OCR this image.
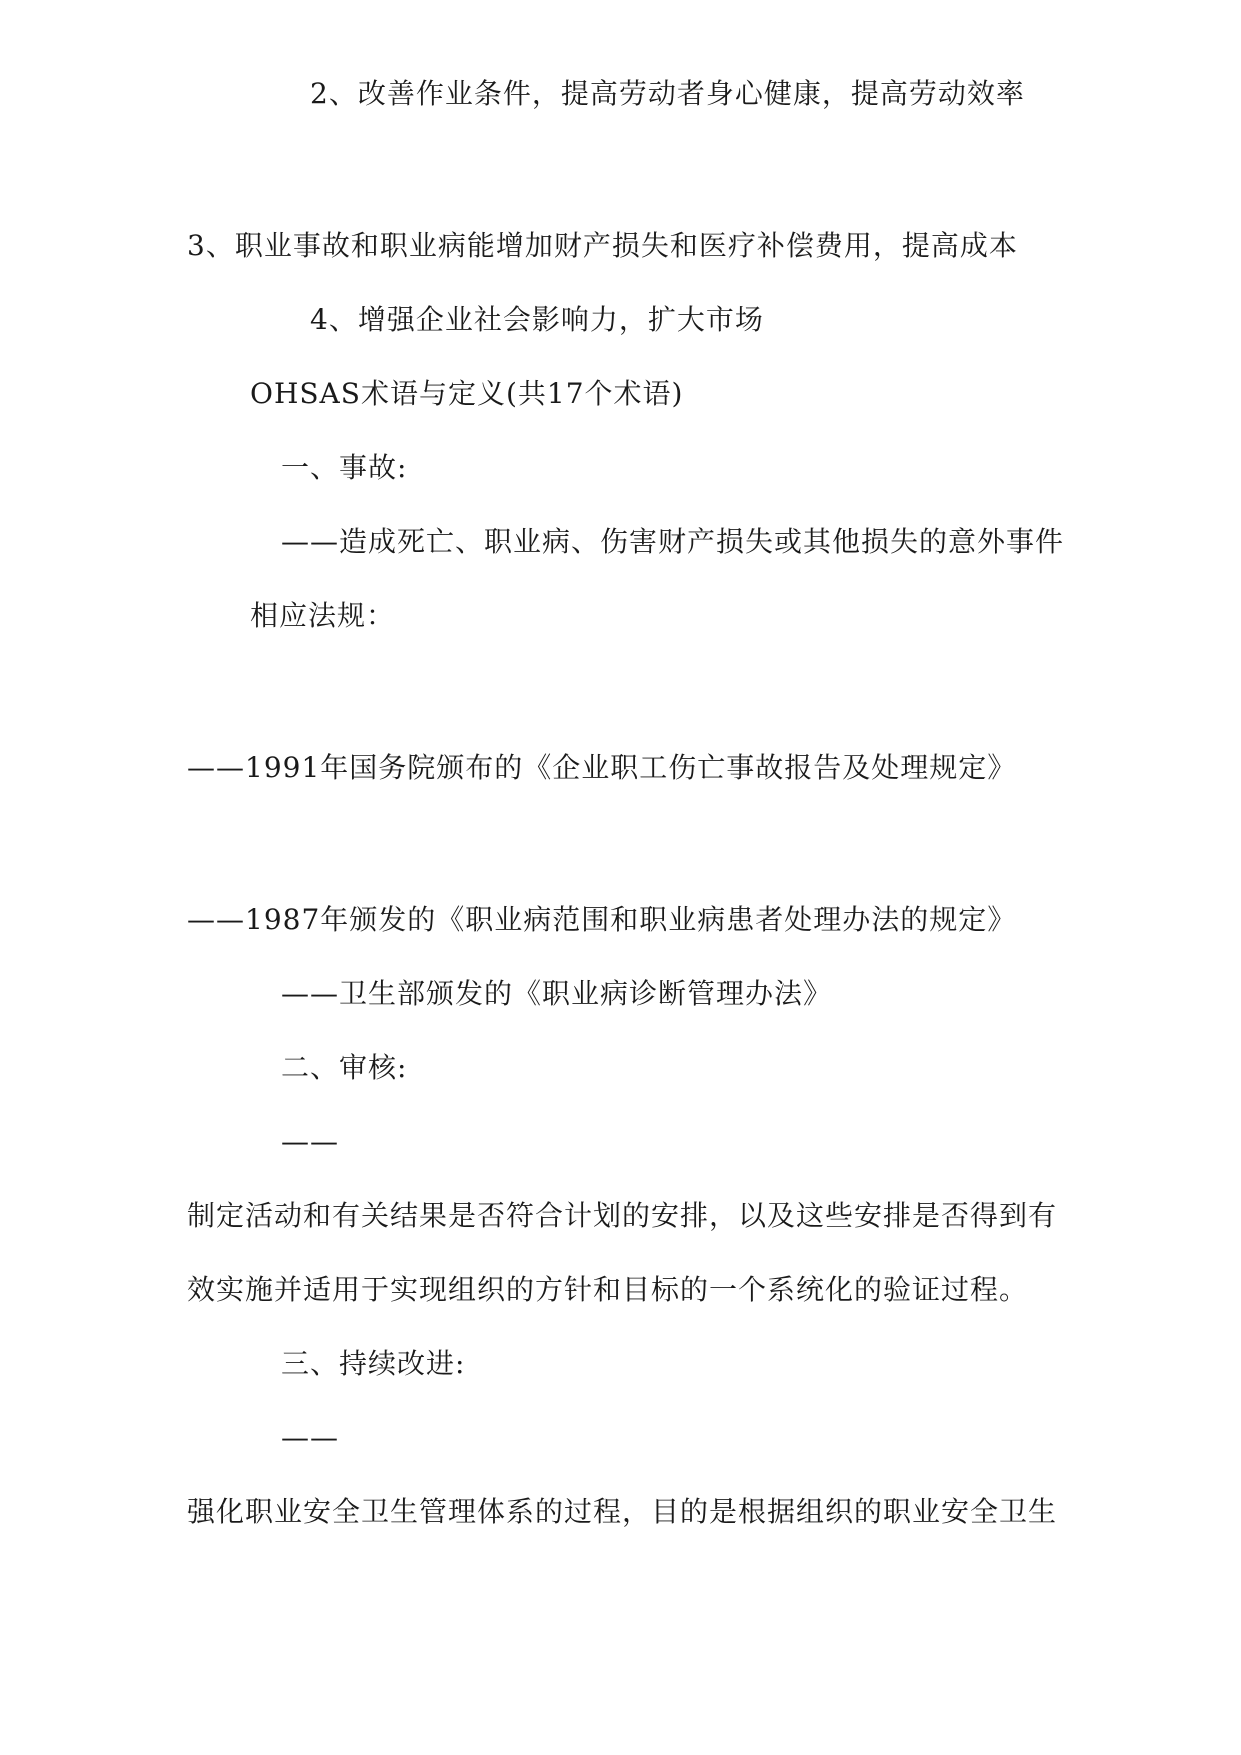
2、改善作业条件，提高劳动者身心健康，提高劳动效率
3、职业事故和职业病能增加财产损失和医疗补偿费用，提高成本
4、增强企业社会影响力，扩大市场
OHSAS术语与定义(共17个术语)
一、事故:
——造成死亡、职业病、伤害财产损失或其他损失的意外事件
相应法规：
——1991年国务院颁布的《企业职工伤亡事故报告及处理规定》
——1987年颁发的《职业病范围和职业病患者处理办法的规定》
——卫生部颁发的《职业病诊断管理办法》
二、审核:
——
制定活动和有关结果是否符合计划的安排，以及这些安排是否得到有
效实施并适用于实现组织的方针和目标的一个系统化的验证过程。
三、持续改进:
——
强化职业安全卫生管理体系的过程，目的是根据组织的职业安全卫生
